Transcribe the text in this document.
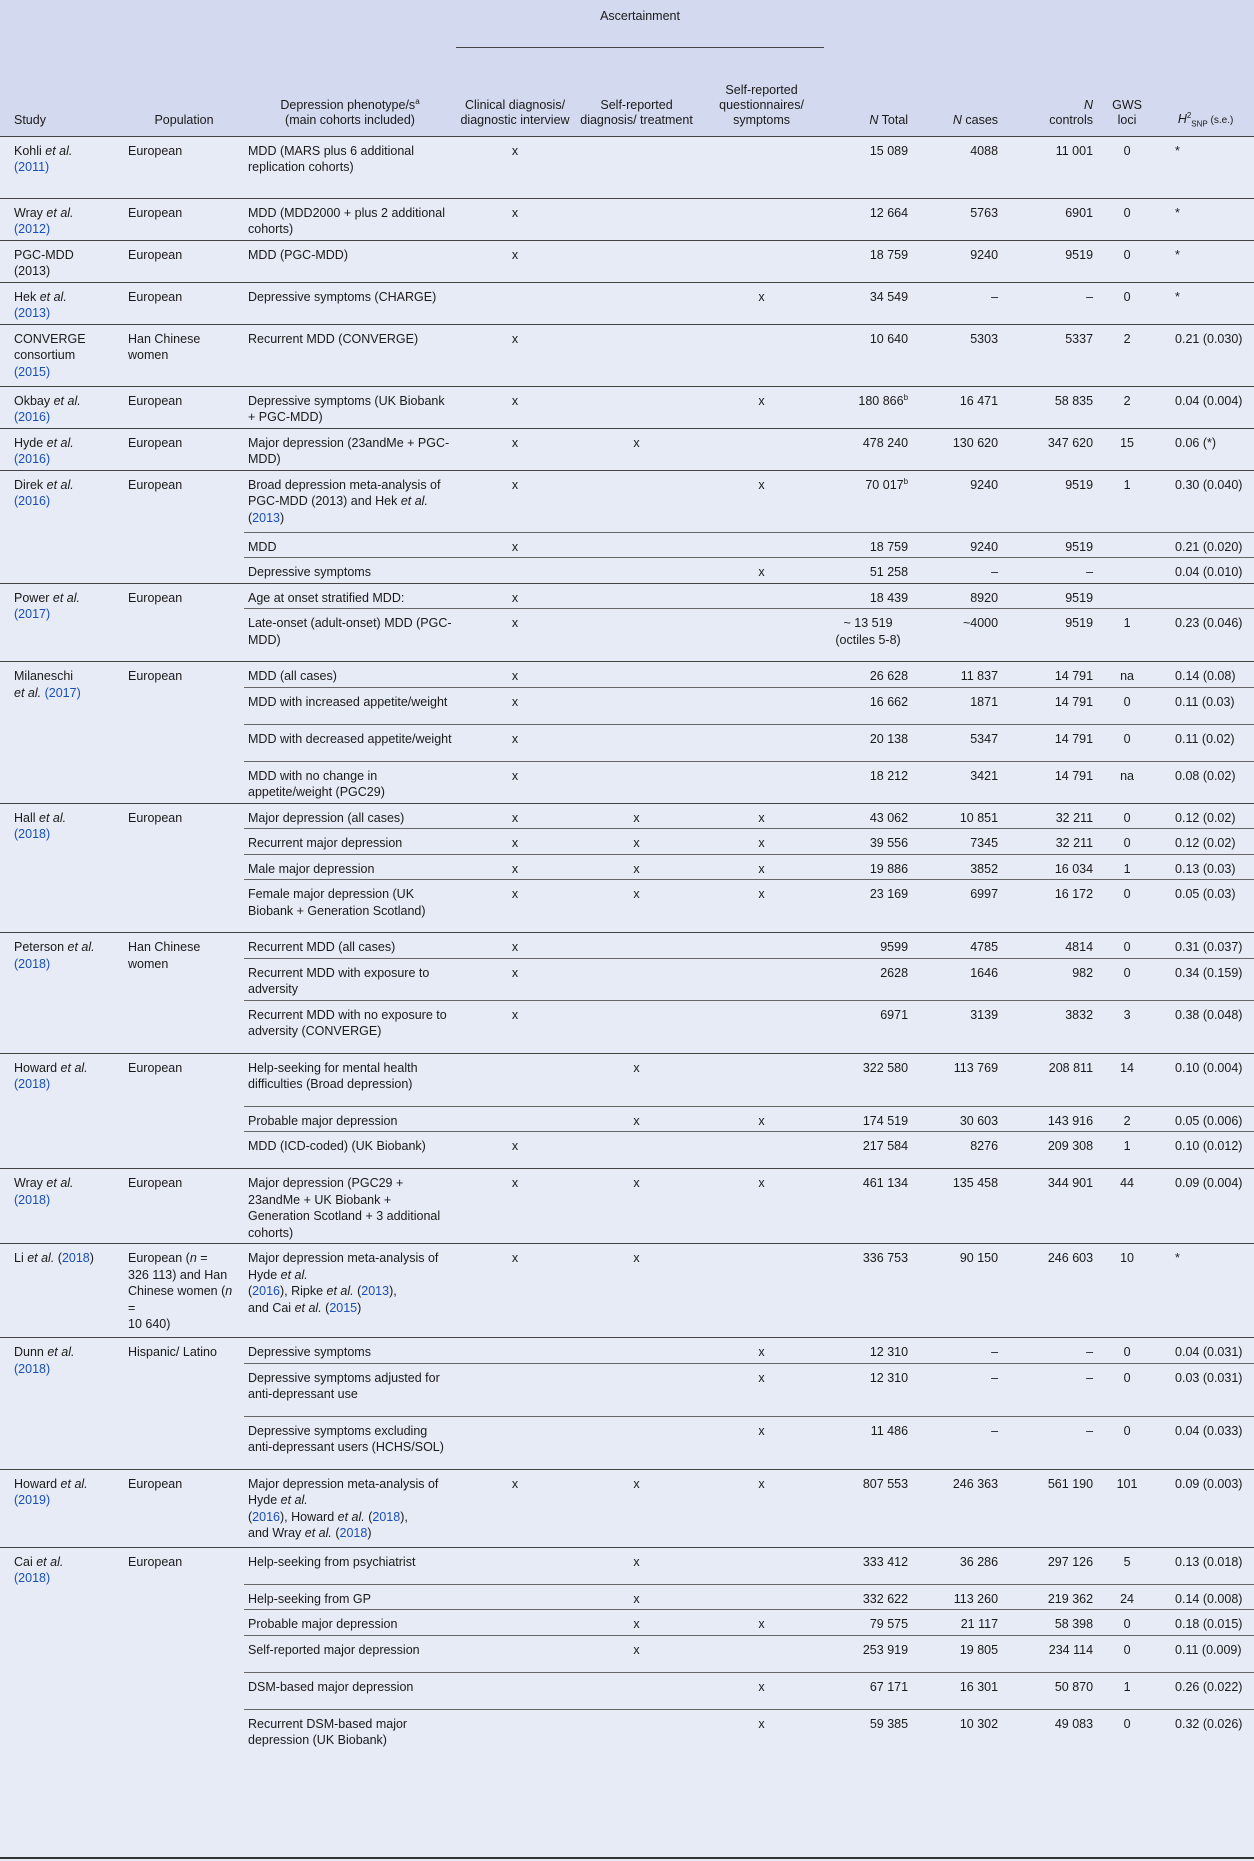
			Ascertainment							
Study	Population	Depression phenotype/$s^a$
(main cohorts included)	Clinical diagnosis/ diagnostic interview	Self-reported diagnosis/ treatment	Self-reported questionnaires/ symptoms	N Total	N cases	N
controls	GWS loci	$H^2_{SNP}$ (s.e.)
Kohli et al.
(2011)	European	MDD (MARS plus 6 additional replication cohorts)	x			15 089	4088	11 001	0	*
Wray et al.
(2012)	European	MDD (MDD2000 + plus 2 additional cohorts)	x			12 664	5763	6901	0	*
PGC-MDD
(2013)	European	MDD (PGC-MDD)	x			18 759	9240	9519	0	*
Hek et al.
(2013)	European	Depressive symptoms (CHARGE)			x	34 549	–	–	0	*
CONVERGE consortium
(2015)	Han Chinese women	Recurrent MDD (CONVERGE)	x			10 640	5303	5337	2	0.21 (0.030)
Okbay et al.
(2016)	European	Depressive symptoms (UK Biobank + PGC-MDD)	x		x	180 866$^b$	16 471	58 835	2	0.04 (0.004)
Hyde et al.
(2016)	European	Major depression (23andMe + PGC-MDD)	x	x		478 240	130 620	347 620	15	0.06 (*)
Direk et al.
(2016)	European	Broad depression meta-analysis of PGC-MDD (2013) and Hek et al. (2013)	x		x	70 017$^b$	9240	9519	1	0.30 (0.040)
		MDD	x			18 759	9240	9519		0.21 (0.020)
		Depressive symptoms			x	51 258	–	–		0.04 (0.010)
Power et al.
(2017)	European	Age at onset stratified MDD:	x			18 439	8920	9519		
		Late-onset (adult-onset) MDD (PGC-MDD)	x			~ 13 519 (octiles 5-8)	~4000	9519	1	0.23 (0.046)
Milaneschi
et al. (2017)	European	MDD (all cases)	x			26 628	11 837	14 791	na	0.14 (0.08)
		MDD with increased appetite/weight	x			16 662	1871	14 791	0	0.11 (0.03)
		MDD with decreased appetite/weight	x			20 138	5347	14 791	0	0.11 (0.02)
		MDD with no change in appetite/weight (PGC29)	x			18 212	3421	14 791	na	0.08 (0.02)
Hall et al.
(2018)	European	Major depression (all cases)	x	x	x	43 062	10 851	32 211	0	0.12 (0.02)
		Recurrent major depression	x	x	x	39 556	7345	32 211	0	0.12 (0.02)
		Male major depression	x	x	x	19 886	3852	16 034	1	0.13 (0.03)
		Female major depression (UK Biobank + Generation Scotland)	x	x	x	23 169	6997	16 172	0	0.05 (0.03)
Peterson et al.
(2018)	Han Chinese women	Recurrent MDD (all cases)	x			9599	4785	4814	0	0.31 (0.037)
		Recurrent MDD with exposure to adversity	x			2628	1646	982	0	0.34 (0.159)
		Recurrent MDD with no exposure to adversity (CONVERGE)	x			6971	3139	3832	3	0.38 (0.048)
Howard et al.
(2018)	European	Help-seeking for mental health difficulties (Broad depression)		x		322 580	113 769	208 811	14	0.10 (0.004)
		Probable major depression		x	x	174 519	30 603	143 916	2	0.05 (0.006)
		MDD (ICD-coded) (UK Biobank)	x			217 584	8276	209 308	1	0.10 (0.012)
Wray et al.
(2018)	European	Major depression (PGC29 + 23andMe + UK Biobank + Generation Scotland + 3 additional cohorts)	x	x	x	461 134	135 458	344 901	44	0.09 (0.004)
Li et al. (2018)	European (n =
326 113) and Han Chinese women (n =
10 640)	Major depression meta-analysis of Hyde et al.
(2016), Ripke et al. (2013),
and Cai et al. (2015)	x	x		336 753	90 150	246 603	10	*
Dunn et al.
(2018)	Hispanic/ Latino	Depressive symptoms			x	12 310	–	–	0	0.04 (0.031)
		Depressive symptoms adjusted for anti-depressant use			x	12 310	–	–	0	0.03 (0.031)
		Depressive symptoms excluding anti-depressant users (HCHS/SOL)			x	11 486	–	–	0	0.04 (0.033)
Howard et al.
(2019)	European	Major depression meta-analysis of Hyde et al.
(2016), Howard et al. (2018),
and Wray et al. (2018)	x	x	x	807 553	246 363	561 190	101	0.09 (0.003)
Cai et al.
(2018)	European	Help-seeking from psychiatrist		x		333 412	36 286	297 126	5	0.13 (0.018)
		Help-seeking from GP		x		332 622	113 260	219 362	24	0.14 (0.008)
		Probable major depression		x	x	79 575	21 117	58 398	0	0.18 (0.015)
		Self-reported major depression		x		253 919	19 805	234 114	0	0.11 (0.009)
		DSM-based major depression			x	67 171	16 301	50 870	1	0.26 (0.022)
		Recurrent DSM-based major depression (UK Biobank)			x	59 385	10 302	49 083	0	0.32 (0.026)
